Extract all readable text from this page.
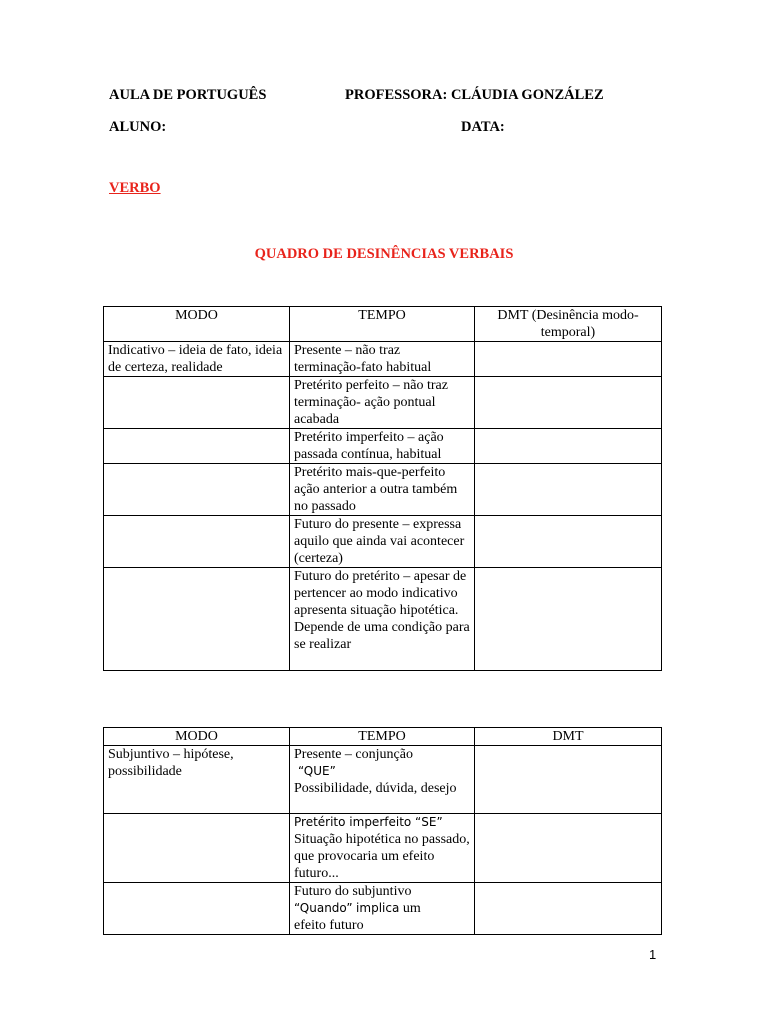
AULA DE PORTUGUÊS	PROFESSORA: CLÁUDIA GONZÁLEZ
ALUNO:	DATA:
VERBO
QUADRO DE DESINÊNCIAS VERBAIS
MODO	TEMPO	DMT (Desinência modo-temporal)
Indicativo – ideia de fato, ideia de certeza, realidade	Presente – não traz terminação-fato habitual	
	Pretérito perfeito – não traz terminação- ação pontual acabada	
	Pretérito imperfeito – ação passada contínua, habitual	
	Pretérito mais-que-perfeito ação anterior a outra também no passado	
	Futuro do presente – expressa aquilo que ainda vai acontecer (certeza)	
	Futuro do pretérito – apesar de pertencer ao modo indicativo apresenta situação hipotética. Depende de uma condição para se realizar	
MODO	TEMPO	DMT
Subjuntivo – hipótese, possibilidade	Presente – conjunção
“QUE”
Possibilidade, dúvida, desejo	

	Pretérito imperfeito “SE”
Situação hipotética no passado, que provocaria um efeito futuro...	

	Futuro do subjuntivo
“Quando” implica um
efeito futuro	

1
